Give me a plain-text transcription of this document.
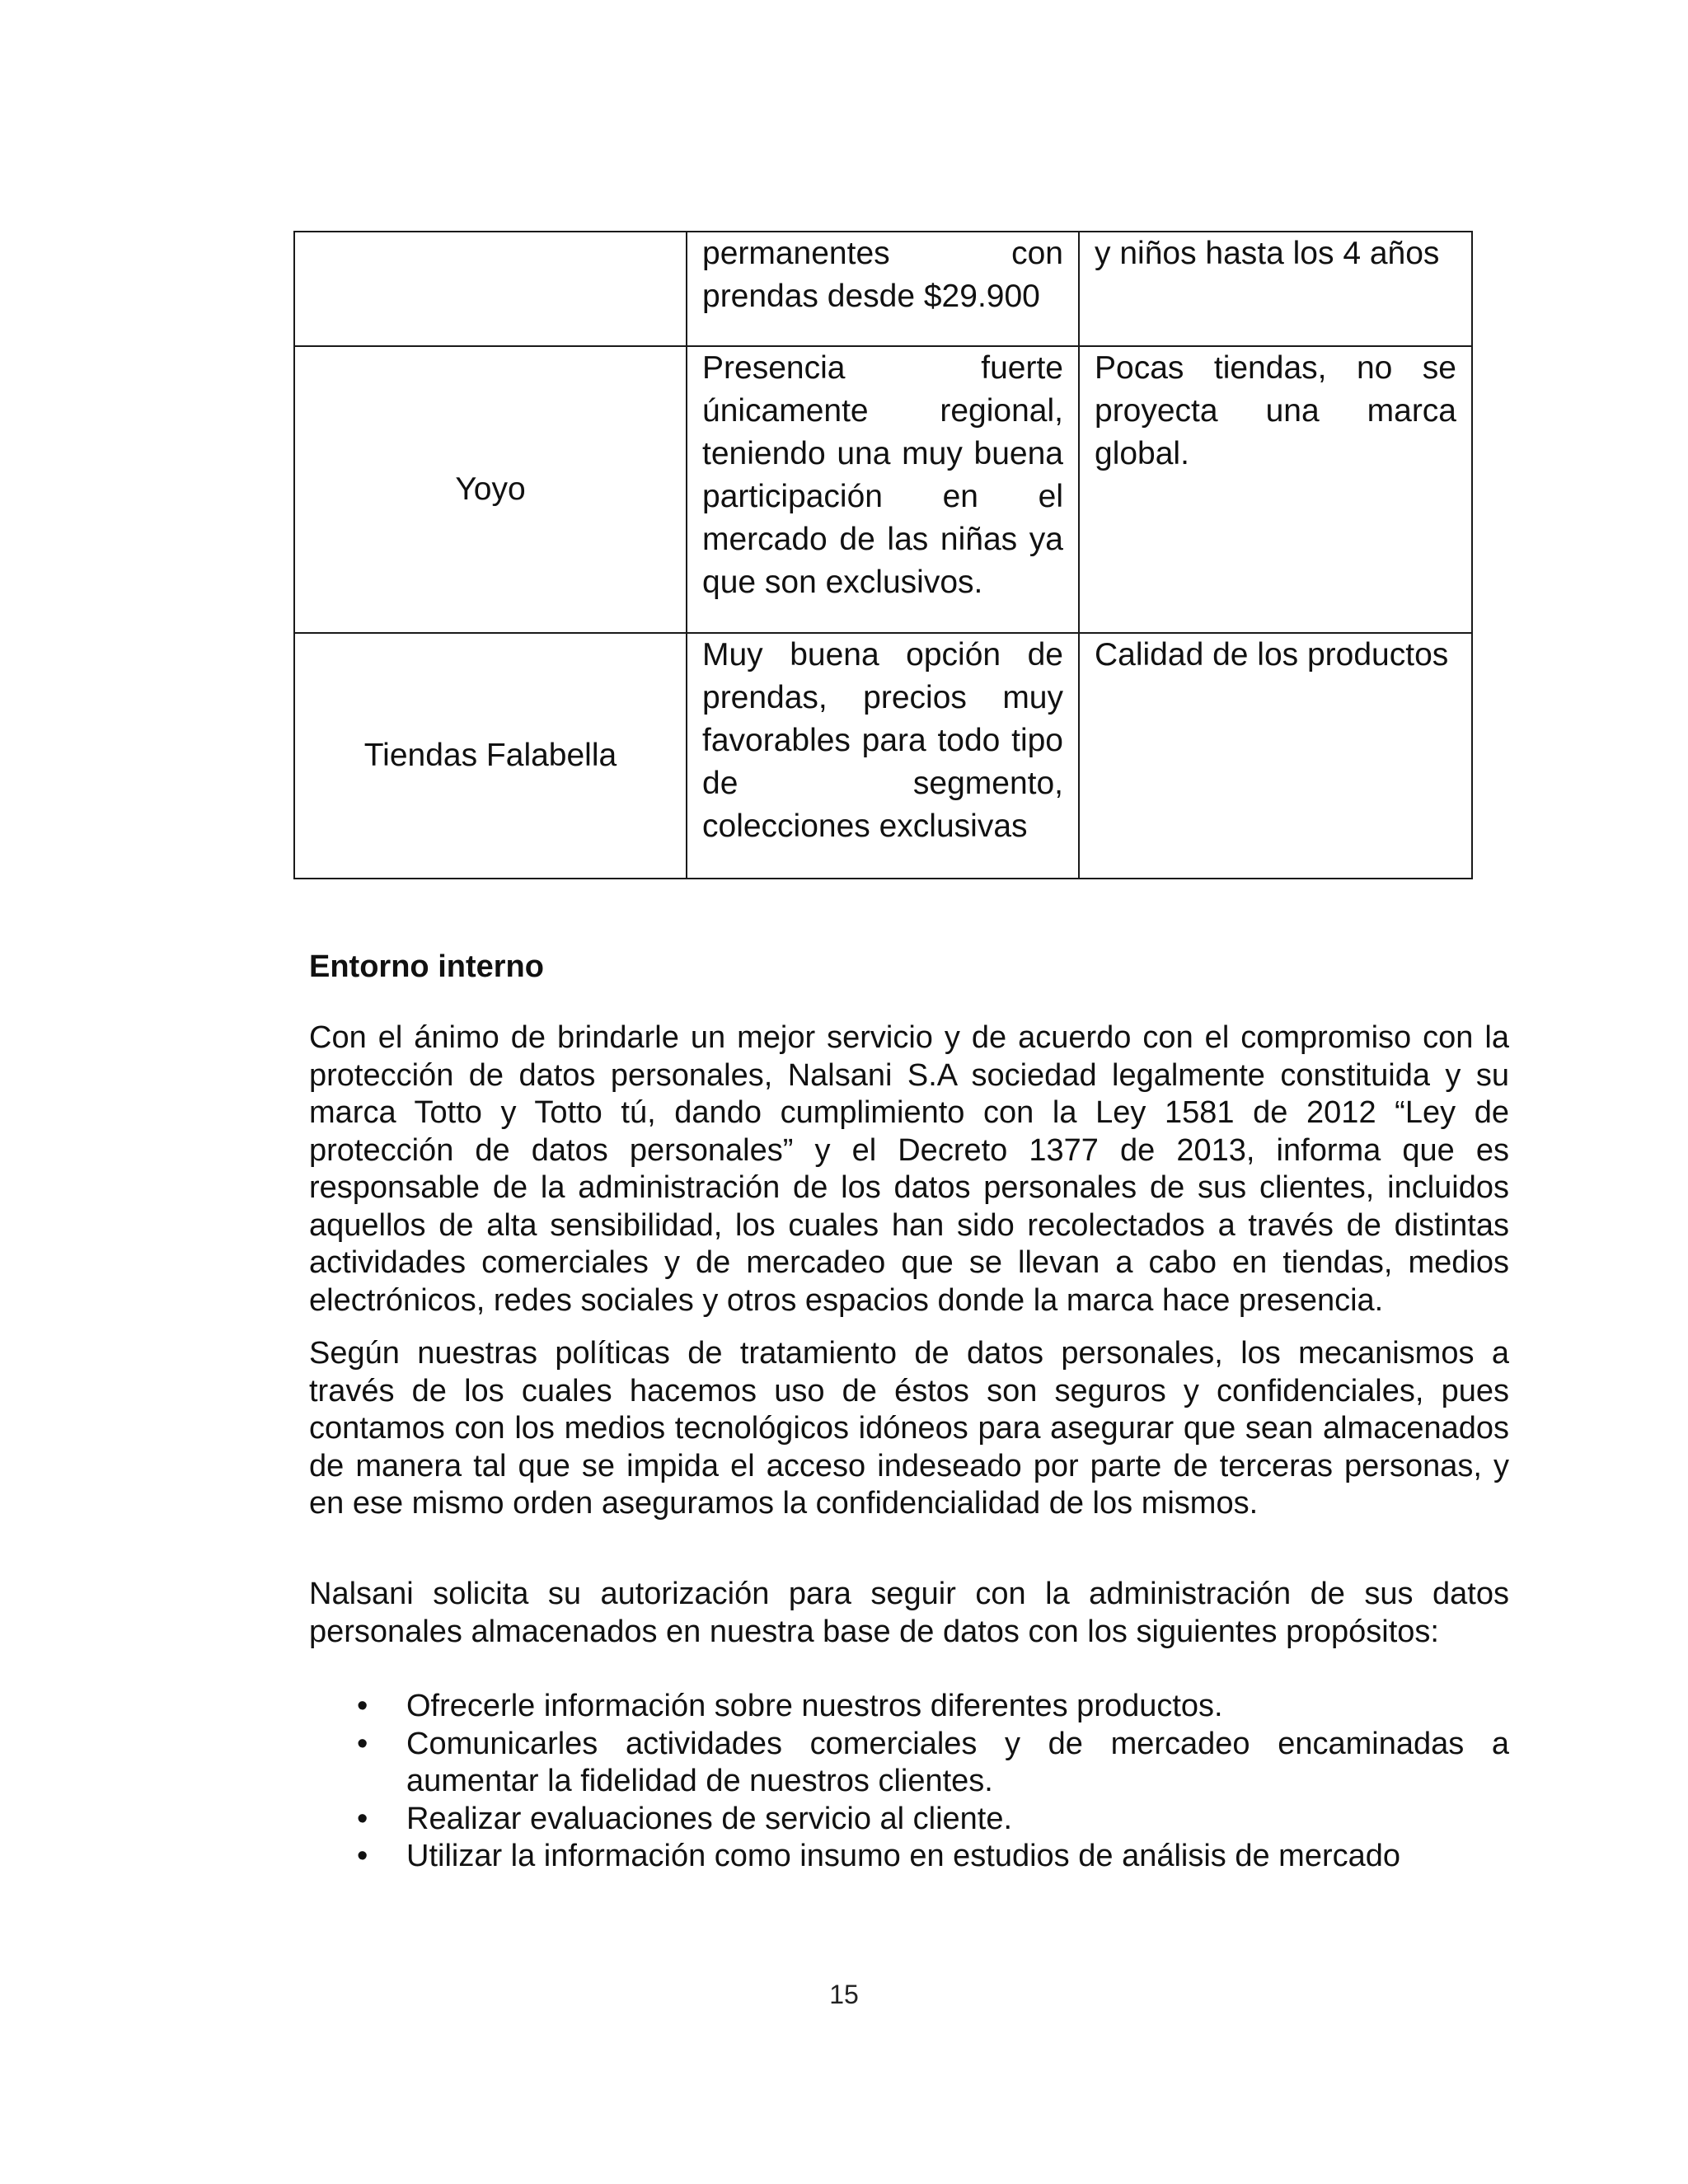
	permanentes con prendas desde $29.900	y niños hasta los 4 años
Yoyo	Presencia fuerte únicamente regional, teniendo una muy buena participación en el mercado de las niñas ya que son exclusivos.	Pocas tiendas, no se proyecta una marca global.
Tiendas Falabella	Muy buena opción de prendas, precios muy favorables para todo tipo de segmento, colecciones exclusivas	Calidad de los productos
Entorno interno

Con el ánimo de brindarle un mejor servicio y de acuerdo con el compromiso con la protección de datos personales, Nalsani S.A sociedad legalmente constituida y su marca Totto y Totto tú, dando cumplimiento con la Ley 1581 de 2012 “Ley de protección de datos personales” y el Decreto 1377 de 2013, informa que es responsable de la administración de los datos personales de sus clientes, incluidos aquellos de alta sensibilidad, los cuales han sido recolectados a través de distintas actividades comerciales y de mercadeo que se llevan a cabo en tiendas, medios electrónicos, redes sociales y otros espacios donde la marca hace presencia.

Según nuestras políticas de tratamiento de datos personales, los mecanismos a través de los cuales hacemos uso de éstos son seguros y confidenciales, pues contamos con los medios tecnológicos idóneos para asegurar que sean almacenados de manera tal que se impida el acceso indeseado por parte de terceras personas, y en ese mismo orden aseguramos la confidencialidad de los mismos.

Nalsani solicita su autorización para seguir con la administración de sus datos personales almacenados en nuestra base de datos con los siguientes propósitos:

• Ofrecerle información sobre nuestros diferentes productos.
• Comunicarles actividades comerciales y de mercadeo encaminadas a aumentar la fidelidad de nuestros clientes.
• Realizar evaluaciones de servicio al cliente.
• Utilizar la información como insumo en estudios de análisis de mercado
15
